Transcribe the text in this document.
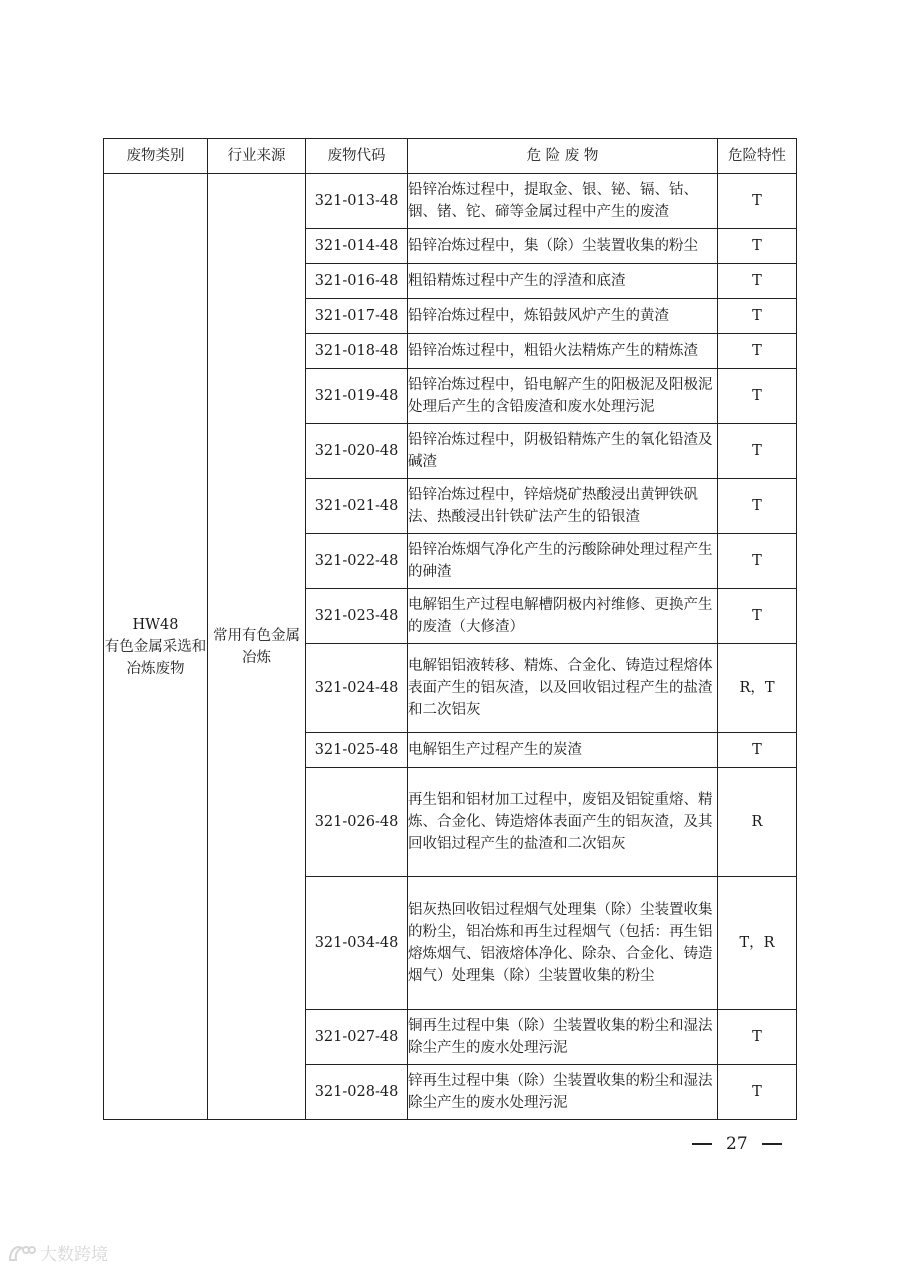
废物类别	行业来源	废物代码	危 险 废 物	危险特性

HW48
有色金属采选和冶炼废物	常用有色金属冶炼	321-013-48	铅锌冶炼过程中，提取金、银、铋、镉、钴、铟、锗、铊、碲等金属过程中产生的废渣	T
		321-014-48	铅锌冶炼过程中，集（除）尘装置收集的粉尘	T
		321-016-48	粗铅精炼过程中产生的浮渣和底渣	T
		321-017-48	铅锌冶炼过程中，炼铅鼓风炉产生的黄渣	T
		321-018-48	铅锌冶炼过程中，粗铅火法精炼产生的精炼渣	T
		321-019-48	铅锌冶炼过程中，铅电解产生的阳极泥及阳极泥处理后产生的含铅废渣和废水处理污泥	T
		321-020-48	铅锌冶炼过程中，阴极铅精炼产生的氧化铅渣及碱渣	T
		321-021-48	铅锌冶炼过程中，锌焙烧矿热酸浸出黄钾铁矾法、热酸浸出针铁矿法产生的铅银渣	T
		321-022-48	铅锌冶炼烟气净化产生的污酸除砷处理过程产生的砷渣	T
		321-023-48	电解铝生产过程电解槽阴极内衬维修、更换产生的废渣（大修渣）	T
		321-024-48	电解铝铝液转移、精炼、合金化、铸造过程熔体表面产生的铝灰渣，以及回收铝过程产生的盐渣和二次铝灰	R，T
		321-025-48	电解铝生产过程产生的炭渣	T
		321-026-48	再生铝和铝材加工过程中，废铝及铝锭重熔、精炼、合金化、铸造熔体表面产生的铝灰渣，及其回收铝过程产生的盐渣和二次铝灰	R
		321-034-48	铝灰热回收铝过程烟气处理集（除）尘装置收集的粉尘，铝冶炼和再生过程烟气（包括：再生铝熔炼烟气、铝液熔体净化、除杂、合金化、铸造烟气）处理集（除）尘装置收集的粉尘	T，R
		321-027-48	铜再生过程中集（除）尘装置收集的粉尘和湿法除尘产生的废水处理污泥	T
		321-028-48	锌再生过程中集（除）尘装置收集的粉尘和湿法除尘产生的废水处理污泥	T
27
大数跨境
